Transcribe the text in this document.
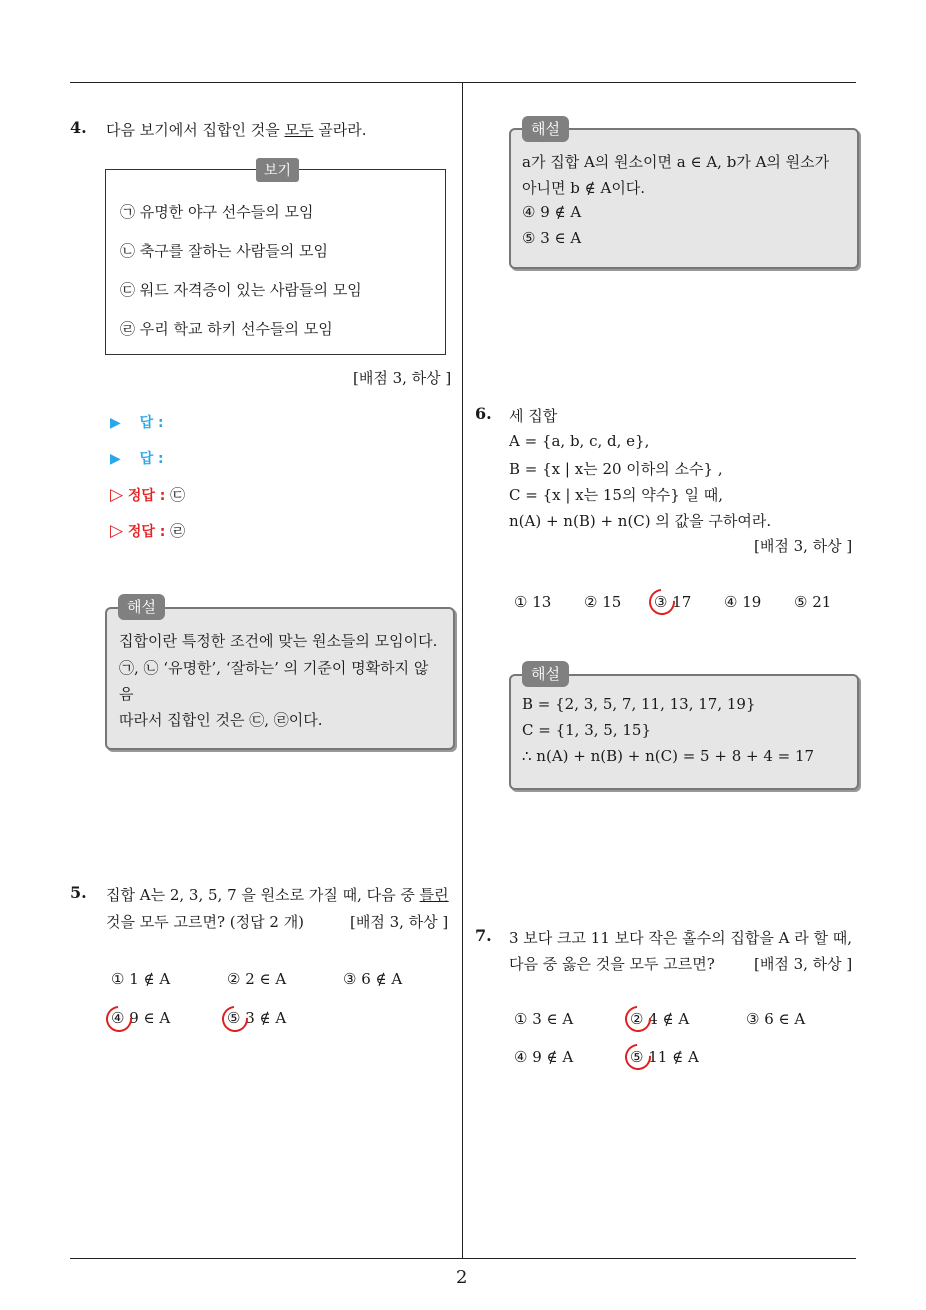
4. 다음 보기에서 집합인 것을 모두 골라라.
보기
㉠ 유명한 야구 선수들의 모임
㉡ 축구를 잘하는 사람들의 모임
㉢ 워드 자격증이 있는 사람들의 모임
㉣ 우리 학교 하키 선수들의 모임
[배점 3, 하상 ]
▶ 답 :
▶ 답 :
▷ 정답 : ㉢
▷ 정답 : ㉣
해설
집합이란 특정한 조건에 맞는 원소들의 모임이다.
㉠, ㉡ ‘유명한’, ‘잘하는’ 의 기준이 명확하지 않
음
따라서 집합인 것은 ㉢, ㉣이다.
5. 집합 A는 2, 3, 5, 7 을 원소로 가질 때, 다음 중 틀린
것을 모두 고르면? (정답 2 개)	[배점 3, 하상 ]
① 1 ∉ A	② 2 ∈ A	③ 6 ∉ A
④ 9 ∈ A	⑤ 3 ∉ A
해설
a가 집합 A의 원소이면 a ∈ A, b가 A의 원소가
아니면 b ∉ A이다.
④ 9 ∉ A
⑤ 3 ∈ A
6. 세 집합
A = {a, b, c, d, e},
B = {x | x는 20 이하의 소수} ,
C = {x | x는 15의 약수} 일 때,
n(A) + n(B) + n(C) 의 값을 구하여라.
[배점 3, 하상 ]
① 13 ② 15 ③ 17 ④ 19 ⑤ 21
해설
B = {2, 3, 5, 7, 11, 13, 17, 19}
C = {1, 3, 5, 15}
∴ n(A) + n(B) + n(C) = 5 + 8 + 4 = 17
7. 3 보다 크고 11 보다 작은 홀수의 집합을 A 라 할 때,
다음 중 옳은 것을 모두 고르면?	[배점 3, 하상 ]
① 3 ∈ A	② 4 ∉ A	③ 6 ∈ A
④ 9 ∉ A	⑤ 11 ∉ A
2
